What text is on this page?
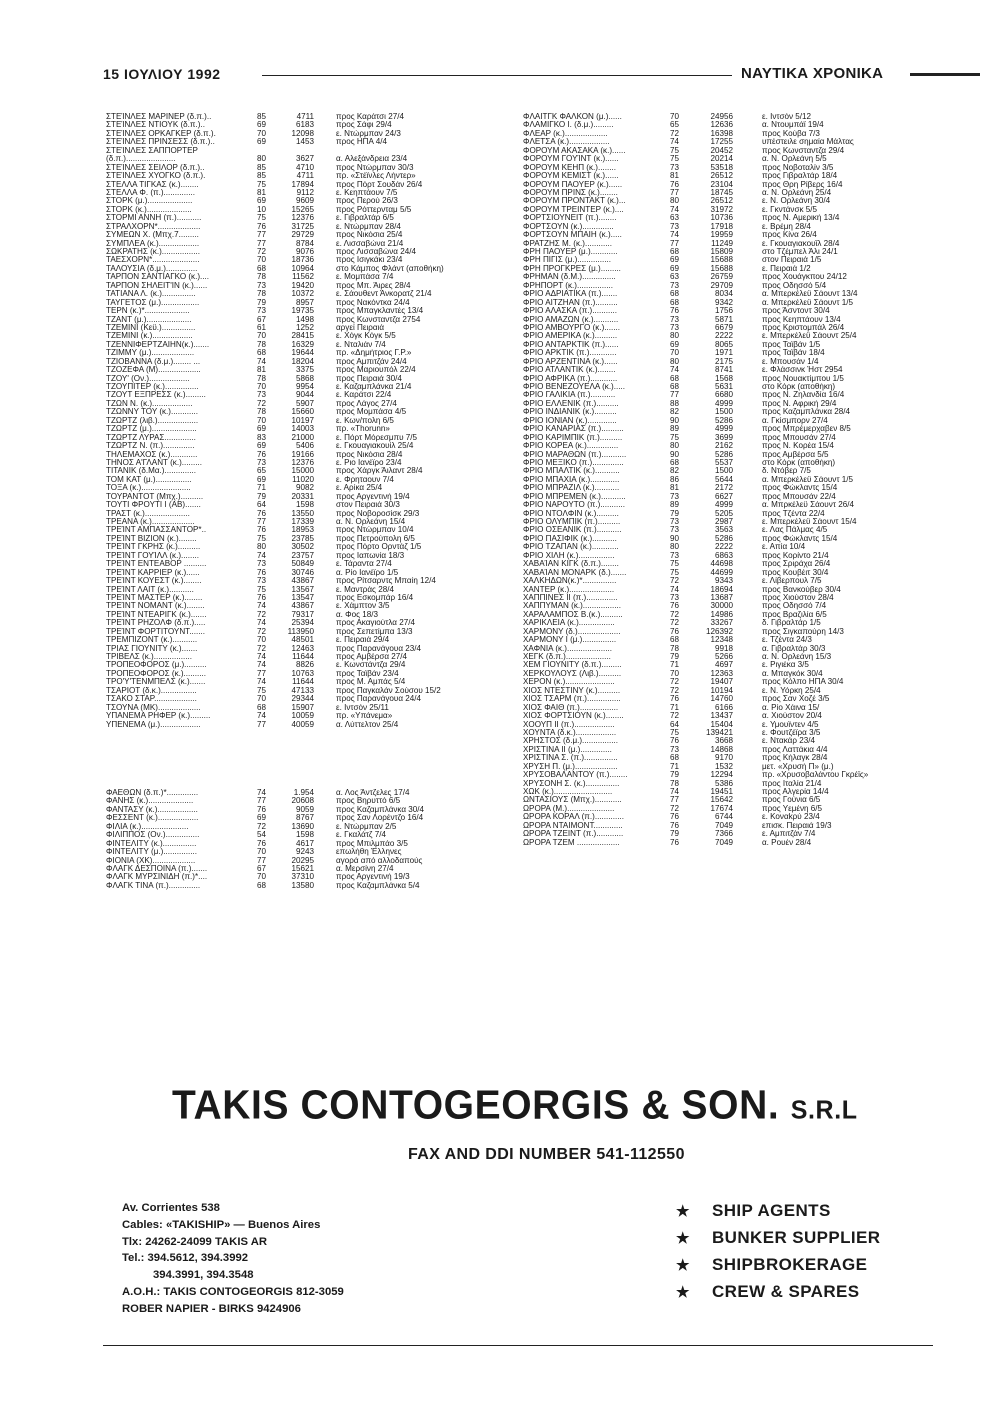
15 ΙΟΥΛΙΟΥ 1992	ΝΑΥΤΙΚΑ ΧΡΟΝΙΚΑ
ΣΤΕΊΝΛΕΣ ΜΑΡΙΝΕΡ (δ.π.)..	85	4711	προς Καράτσι 27/4
ΣΤΕΊΝΛΕΣ ΝΤΙΟΥΚ (δ.π.)..	69	6183	προς Σάφι 29/4
ΣΤΕΊΝΛΕΣ ΟΡΚΑΓΚΕΡ (δ.π.).	70	12098	ε. Ντώρμπαν 24/3
ΣΤΕΊΝΛΕΣ ΠΡΙΝΣΕΣΣ (δ.π.)..	69	1453	προς ΗΠΑ 4/4
ΣΤΕΊΝΛΕΣ ΣΑΠΠΟΡΤΕΡ
(δ.π.)......................	80	3627	α. Αλεξάνδρεια 23/4
ΣΤΕΊΝΛΕΣ ΣΕΪΛΟΡ (δ.π.)..	85	4710	προς Ντώρμπαν 30/3
ΣΤΕΊΝΛΕΣ ΧΥΟΓΚΟ (δ.π.).	85	4711	πρ. «Στέϊνλες Λήντερ»
ΣΤΕΛΛΑ ΤΙΓΚΑΣ (κ.)........	75	17894	προς Πόρτ Σουδάν 26/4
ΣΤΕΛΛΑ Φ. (π.)..............	81	9112	ε. Κεηπτάουν 7/5
ΣΤΟΡΚ (μ.)....................	69	9609	προς Περού 26/3
ΣΤΟΡΚ (κ.)....................	10	15265	προς Ρόττερνταμ 5/5
ΣΤΟΡΜΙ ΑΝΝΗ (π.)...........	75	12376	ε. Γιβραλτάρ 6/5
ΣΤΡΑΛΧΟΡΝ*...................	76	31725	ε. Ντώρμπαν 28/4
ΣΥΜΕΩΝ Χ. (Μπχ.7.........	77	29729	προς Νικόσια 25/4
ΣΥΜΠΛΕΑ (κ.)..................	77	8784	ε. Λισσαβώνα 21/4
ΣΩΚΡΑΤΗΣ (κ.).................	72	9076	προς Λισσαβώνα 24/4
ΤΑΕΣΧΟΡΝ*.....................	70	18736	προς Ισιγκάκι 23/4
ΤΑΛΟΥΣΙΑ (δ.μ.)..............	68	10964	στο Κάμπος Φλάντ (αποθήκη)
ΤΑΡΠΟΝ ΣΑΝΤΙΑΓΚΟ (κ.)....	78	11562	ε. Μομπάσα 7/4
ΤΑΡΠΟΝ ΣΗΛΕΪΤ'ΙΝ (κ.)......	73	19420	προς Μπ. Άιρες 28/4
ΤΑΤΙΑΝΑ Λ. (κ.)...............	78	10372	ε. Σάουθεντ Άνκορατζ 21/4
ΤΑΫΓΕΤΟΣ (μ.).................	79	8957	προς Νακόντκα 24/4
ΤΕΡΝ (κ.)*....................	73	19735	προς Μπαγκλαντές 13/4
ΤΖΑΝΤ (μ.)....................	67	1498	προς Κωνσταντζα 2754
ΤΖΕΜΙΝΙ (Κεϋ.)...............	61	1252	αργεί Πειραιά
ΤΖΕΜΙΝΙ (κ.)..................	70	28415	ε. Χόγκ Κόγκ 5/5
ΤΖΕΝΝΙΦΕΡΤΖΑΙΗΝ(κ.).......	78	16329	ε. Νταλιάν 7/4
ΤΖΙΜΜΥ (μ.)...................	68	19644	πρ. «Δημήτριος Γ.Ρ.»
ΤΖΙΟΒΑΝΝΑ (δ.μ.)........ ...	74	18204	προς Αμπιτζάν 24/4
ΤΖΟΖΕΦΑ (Μ)...................	81	3375	προς Μαριουπόλ 22/4
ΤΖΟΥ' (Ον.)..................	78	5868	προς Πειραιά 30/4
ΤΖΟΥΠΙΤΕΡ (κ.)...............	70	9954	ε. Καζαμπλάνκα 21/4
ΤΖΟΥΤ ΕΞΠΡΕΣΣ (κ.).........	73	9044	ε. Καράτσι 22/4
ΤΖΩΝ Ν. (κ.)..................	72	5907	προς Λάγος 27/4
ΤΖΩΝΝΥ ΤΟΥ (κ.)............	78	15660	προς Μομπάσα 4/5
ΤΖΩΡΤΖ (λιβ.)..................	70	10197	ε. Κων/πολη 6/5
ΤΖΩΡΤΖ (μ.)....................	69	14003	πρ. «Thorunn»
ΤΖΩΡΤΖ ΛΥΡΑΣ..............	83	21000	ε. Πόρτ Μόρεσμπυ 7/5
ΤΖΩΡΤΖ Ν. (π.)..............	69	5406	ε. Γκουαγιακουίλ 25/4
ΤΗΛΕΜΑΧΟΣ (κ.)............	76	19166	προς Νικόσια 28/4
ΤΗΝΟΣ Α'ΓΛΑΝΤ (κ.).........	73	12376	ε. Ριο Ιανέϊρο 23/4
ΤΙΤΑΝΙΚ (δ.Μα.)..............	65	15000	προς Χάργκ Άιλαντ 28/4
ΤΟΜ ΚΑΤ (μ.)................	69	11020	ε. Φρηταουν 7/4
ΤΟΞΑ (κ.)......................	71	9082	ε. Αρίκα 25/4
ΤΟΥΡΑΝΤΟΤ (Μπχ.)..........	79	20331	προς Αργεντινή 19/4
ΤΟΥΤΙ ΦΡΟΥΤΙ Ι (ΑΒ).......	64	1598	στον Πειραιά 30/3
ΤΡΑΣΤ (κ.)....................	76	13550	προς Νοβοροσίσκ 29/3
ΤΡΕΑΝΑ (κ.)...................	77	17339	α. Ν. Ορλεάνη 15/4
ΤΡΕΊΝΤ ΑΜΠΑΣΣΑΝΤΟΡ*..	76	18953	προς Ντώρμπαν 10/4
ΤΡΕΊΝΤ ΒΙΖΙΟΝ (κ.)........	75	23785	προς Πετρούπολη 6/5
ΤΡΕΊΝΤ ΓΚΡΗΣ (κ.)..........	80	30502	προς Πόρτο Ορντάζ 1/5
ΤΡΕΊΝΤ ΓΟΥΊΛΛ (κ.)........	74	23757	προς Ιαπωνία 18/3
ΤΡΕΊΝΤ ΕΝΤΕΑΒΟΡ ..........	73	50849	ε. Τάραντα 27/4
ΤΡΕΊΝΤ ΚΑΡΡΙΕΡ (κ.)......	76	30746	α. Ρίο Ιανέϊρο 1/5
ΤΡΕΊΝΤ ΚΟΥΕΣΤ (κ.)........	73	43867	προς Ρίτσαρντς Μπαίη 12/4
ΤΡΕΊΝΤ ΛΑΪΤ (κ.)...........	75	13567	ε. Μαντράς 28/4
ΤΡΕΊΝΤ ΜΑΣΤΕΡ (κ.)........	76	13547	προς Εσκομπάρ 16/4
ΤΡΕΊΝΤ ΝΟΜΑΝΤ (κ.)........	74	43867	ε. Χάμπτον 3/5
ΤΡΕΊΝΤ ΝΤΕΑΡΙΓΚ (κ.).......	72	79317	α. Φος 18/3
ΤΡΕΊΝΤ ΡΗΖΟΛΦ (δ.π.).....	74	25394	προς Ακαγιούτλα 27/4
ΤΡΕΊΝΤ ΦΟΡΤΙΤΟΥΝΤ.......	72	113950	προς Σεπετίμπα 13/3
ΤΡΕΜΠΙΖΟΝΤ (κ.)...........	70	48501	ε. Πειραιά 29/4
ΤΡΙΑΣ ΓΙΟΥΝΙΤΥ (κ.).......	72	12463	προς Παρανάγουα 23/4
ΤΡΙΒΕΛΣ (κ.).................	74	11644	προς Αμβέρσα 27/4
ΤΡΟΠΕΟΦΟΡΟΣ (μ.)..........	74	8826	ε. Κωνστάντζα 29/4
ΤΡΟΠΕΟΦΟΡΟΣ (κ.)..........	77	10763	προς Ταϊβάν 23/4
ΤΡΟ'Υ'ΤΕΝΜΠΕΛΣ (κ.).......	74	11644	προς Μ. Αμπάς 5/4
ΤΣΑΡΙΟΤ (δ.κ.)................	75	47133	προς Παγκαλάν Σούσου 15/2
ΤΣΑΚΟ ΣΤΑΡ...................	70	29344	προς Παρανάγουα 24/4
ΤΣΟΥΝΑ (ΜΚ)...................	68	15907	ε. Ιντσόν 25/11
ΥΠΑΝΕΜΑ ΡΗΦΕΡ (κ.).........	74	10059	πρ. «Υπάνεμα»
ΥΠΕΝΕΜΑ (μ.)..................	77	40059	α. Λύττελτον 25/4
ΦΑΕΘΩΝ (δ.π.)*..............	74	1.954	α. Λος Άντζελες 17/4
ΦΑΝΗΣ (κ.)....................	77	20608	προς Βηρυττό 6/5
ΦΑΝΤΑΣΥ (κ.)..................	76	9059	προς Καζαμπλάνκα 30/4
ΦΕΣΣΕΝΤ (κ.)..................	69	8767	προς Σαν Λορέντζο 16/4
ΦΙΛΙΑ (κ.).....................	72	13690	ε. Ντώρμπαν 2/5
ΦΙΛΙΠΠΟΣ (Ον.)...............	54	1598	ε. Γκαλάτζ 7/4
ΦΙΝΤΕΛΙΤΥ (κ.)...............	76	4617	προς Μπιλμπάο 3/5
ΦΙΝΤΕΛΙΤΥ (μ.)...............	70	9243	επωλήθη Έλληνες
ΦΙΟΝΙΑ (ΧΚ)...................	77	20295	αγορά από αλλοδαπούς
ΦΛΑΓΚ ΔΕΣΠΟΙΝΑ (π.).......	67	15621	α. Μερσίνη 27/4
ΦΛΑΓΚ ΜΥΡΣΙΝΙΔΗ (π.)*....	70	37310	προς Αργεντινή 19/3
ΦΛΑΓΚ ΤΙΝΑ (π.)..............	68	13580	προς Καζαμπλάνκα 5/4
ΦΛΑΪΤΓΚ ΦΑΛΚΟΝ (μ.)......	70	24956	ε. Ιντσόν 5/12
ΦΛΑΜΙΓΚΟ Ι. (δ.μ.).........	65	12636	α. Ντουμπάϊ 19/4
ΦΛΕΑΡ (κ.)...................	72	16398	προς Κούβα 7/3
ΦΛΕΤΣΑ (κ.)..................	74	17255	υπέστειλε σημαία Μάλτας
ΦΟΡΟΥΜ ΑΚΑΣΑΚΑ (κ.)......	75	20452	προς Κωνσταντζα 29/4
ΦΟΡΟΥΜ ΓΟΥΊΝΤ (κ.)......	75	20214	α. Ν. Ορλεάνη 5/5
ΦΟΡΟΥΜ ΚΕΗΠ (κ.)........	73	53518	προς Νοβοταλίν 3/5
ΦΟΡΟΥΜ ΚΕΜΙΣΤ (κ.)......	81	26512	προς Γιβραλτάρ 18/4
ΦΟΡΟΥΜ ΠΑΟΥΕΡ (κ.)......	76	23104	προς Θρη Ρίβερς 16/4
ΦΟΡΟΥΜ ΠΡΙΝΣ (κ.)........	77	18745	α. Ν. Ορλεάνη 25/4
ΦΟΡΟΥΜ ΠΡΟΝΤΑΚΤ (κ.)...	80	26512	ε. Ν. Ορλεάνη 30/4
ΦΟΡΟΥΜ ΤΡΕΪΝΤΕΡ (κ.)....	74	31972	ε. Γκντάνσκ 5/5
ΦΟΡΤΣΙΟΥΝΕΪΤ (π.)........	63	10736	προς Ν. Αμερική 13/4
ΦΟΡΤΣΟΥΝ (κ.)..............	73	17918	ε. Βρέμη 28/4
ΦΟΡΤΣΟΥΝ ΜΠΑΙΗ (κ.).....	74	19959	προς Κίνα 26/4
ΦΡΑΤΖΗΣ Μ. (κ.)............	77	11249	ε. Γκουαγιακουΐλ 28/4
ΦΡΗ ΠΑΟΥΕΡ (μ.)............	68	15809	στο Τζέμπελ Άλι 24/1
ΦΡΗ ΠΙΓΙΣ (μ.)...............	69	15688	στον Πειραιά 1/5
ΦΡΗ ΠΡΟΓΚΡΕΣ (μ.).........	69	15688	ε. Πειραιά 1/2
ΦΡΗΜΑΝ (δ.Μ.)...............	63	26759	προς Χουάγκπου 24/12
ΦΡΗΠΟΡΤ (κ.)................	73	29709	προς Οδησσό 5/4
ΦΡΙΟ ΑΔΡΙΑΤΙΚΑ (π.).......	68	8034	α. Μπερκέλεϋ Σάουντ 13/4
ΦΡΙΟ ΑΙΤΖΗΑΝ (π.)..........	68	9342	α. Μπερκέλεϋ Σάουντ 1/5
ΦΡΙΟ ΑΛΑΣΚΑ (π.)...........	76	1756	προς Άσντοντ 30/4
ΦΡΙΟ ΑΜΑΖΩΝ (κ.)...........	73	5871	προς Κεηπτάουν 13/4
ΦΡΙΟ ΑΜΒΟΥΡΓΟ (κ.).......	73	6679	προς Κριστομπάλ 26/4
ΦΡΙΟ ΑΜΕΡΙΚΑ (κ.)..........	80	2222	ε. Μπερκέλεϋ Σάουντ 25/4
ΦΡΙΟ ΑΝΤΑΡΚΤΙΚ (π.)......	69	8065	προς Ταϊβάν 1/5
ΦΡΙΟ ΑΡΚΤΙΚ (π.)............	70	1971	προς Ταϊβάν 18/4
ΦΡΙΟ ΑΡΖΕΝΤΙΝΑ (κ.)......	80	2175	ε. Μπουσάν 1/4
ΦΡΙΟ ΑΤΛΑΝΤΙΚ (κ.)........	74	8741	ε. Φλάσσινκ Ήστ 2954
ΦΡΙΟ ΑΦΡΙΚΑ (π.)............	68	1568	προς Νουακτίμπου 1/5
ΦΡΙΟ ΒΕΝΕΖΟΥΕΛΑ (κ.).....	68	5631	στο Κόρκ (αποθήκη)
ΦΡΙΟ ΓΑΛΙΚΙΑ (π.)...........	77	6680	προς Ν. Ζηλανδία 16/4
ΦΡΙΟ ΕΛΛΕΝΙΚ (π.)..........	88	4999	προς Ν. Αφρική 29/4
ΦΡΙΟ ΙΝΔΙΑΝΙΚ (κ.)..........	82	1500	προς Καζαμπλάνκα 28/4
ΦΡΙΟ ΙΟΝΙΑΝ (κ.).............	90	5286	α. Γκίσμπορν 27/4
ΦΡΙΟ ΚΑΝΑΡΙΑΣ (π.)..........	89	4999	προς Μπρέμερχαβεν 8/5
ΦΡΙΟ ΚΑΡΙΜΠΙΚ (π.)..........	75	3699	προς Μπουσάν 27/4
ΦΡΙΟ ΚΟΡΕΑ (κ.)..............	80	2162	προς Ν. Κορέα 15/4
ΦΡΙΟ ΜΑΡΑΘΩΝ (π.)...........	90	5286	προς Αμβέρσα 5/5
ΦΡΙΟ ΜΕΞΙΚΟ (π.)..............	68	5537	στο Κόρκ (αποθήκη)
ΦΡΙΟ ΜΠΑΛΤΙΚ (κ.)...........	82	1500	δ. Ντόβερ 7/5
ΦΡΙΟ ΜΠΑΧΙΑ (κ.).............	86	5644	α. Μπερκέλεϋ Σάουντ 1/5
ΦΡΙΟ ΜΠΡΑΖΙΛ (κ.)...........	81	2172	προς Φώκλαντς 15/4
ΦΡΙΟ ΜΠΡΕΜΕΝ (κ.)...........	73	6627	προς Μπουσάν 22/4
ΦΡΙΟ ΝΑΡΟΥΤΟ (π.)...........	89	4999	α. Μπρκέλεϋ Σάουντ 26/4
ΦΡΙΟ ΝΤΟΛΦΙΝ (κ.)..........	79	5205	προς Τζέντα 22/4
ΦΡΙΟ ΟΛΥΜΠΙΚ (π.)..........	73	2987	ε. Μπερκέλεϋ Σάουντ 15/4
ΦΡΙΟ ΟΣΕΑΝΙΚ (π.)...........	73	3563	ε. Λας Πάλμας 4/5
ΦΡΙΟ ΠΑΣΙΦΙΚ (κ.)...........	90	5286	προς Φώκλαντς 15/4
ΦΡΙΟ ΤΖΑΠΑΝ (κ.)............	80	2222	ε. Απία 10/4
ΦΡΙΟ ΧΙΛΗ (κ.)................	73	6863	προς Κορίντο 21/4
ΧΑΒΑΊΑΝ ΚΙΓΚ (δ.π.)........	75	44698	προς Σριράχα 26/4
ΧΑΒΑΊΑΝ ΜΟΝΑΡΚ (δ.).......	75	44699	προς Κουβέιτ 30/4
ΧΑΛΚΗΔΩΝ(κ.)*...............	72	9343	ε. Λίβερπουλ 7/5
ΧΑΝΤΕΡ (κ.)....................	74	18694	προς Βανκούβερ 30/4
ΧΑΠΠΙΝΕΣ ΙΙ (π.)..............	73	13687	προς Χιούστον 28/4
ΧΑΠΠΥΜΑΝ (κ.).................	76	30000	προς Οδησσό 7/4
ΧΑΡΑΛΑΜΠΟΣ Β.(κ.)..........	72	14986	προς Βραζιλία 6/5
ΧΑΡΙΚΛΕΙΑ (κ.)................	72	33267	δ. Γιβραλτάρ 1/5
ΧΑΡΜΟΝΥ (δ.)...................	76	126392	προς Σιγκαπούρη 14/3
ΧΑΡΜΟΝΥ Ι (μ.)...............	68	12348	ε. Τζέντα 24/3
ΧΑΦΝΙΑ (κ.)....................	78	9918	α. Γιβραλτάρ 30/3
ΧΕΓΚ (δ.π.)....................	79	5266	α. Ν. Ορλεάνη 15/3
ΧΕΜ ΓΙΟΥΝΙΤΥ (δ.π.).........	71	4697	ε. Ριγιέκα 3/5
ΧΕΡΚΟΥΛΟΥΣ (Λιβ.)..........	70	12363	α. Μπαγκόκ 30/4
ΧΕΡΟΝ (κ.)......................	72	19407	προς Κόλπο ΗΠΑ 30/4
ΧΙΟΣ ΝΤΕΣΤΙΝΥ (κ.)..........	72	10194	ε. Ν. Υόρκη 25/4
ΧΙΟΣ ΤΣΑΡΜ (π.)...............	76	14760	προς Σαν Χοζέ 3/5
ΧΙΟΣ ΦΑΙΘ (π.).................	71	6166	α. Ρίο Χάινα 15/
ΧΙΟΣ ΦΟΡΤΣΙΟΥΝ (κ.)........	72	13437	α. Χιούστον 20/4
ΧΟΟΥΠ ΙΙ (π.)..................	64	15404	ε. Υμουϊντεν 4/5
ΧΟΥΝΤΑ (δ.κ.)..................	75	139421	ε. Φουτζέϊρα 3/5
ΧΡΗΣΤΟΣ (δ.μ.)................	76	3668	ε. Ντακάρ 23/4
ΧΡΙΣΤΙΝΑ ΙΙ (μ.)..............	73	14868	προς Λαττάκια 4/4
ΧΡΙΣΤΙΝΑ Σ. (π.)...............	68	9170	προς Κήλαγκ 28/4
ΧΡΥΣΗ Π. (μ.)...................	71	1532	μετ. «Χρυσή Π» (μ.)
ΧΡΥΣΟΒΑΛΑΝΤΟΥ (π.)........	79	12294	πρ. «Χρυσοβαλάντου Γκρέϊς»
ΧΡΥΣΟΝΗ Σ. (κ.)...............	78	5386	προς Ιταλία 21/4
ΧΩΚ (κ.)..........................	74	19451	προς Αλγερία 14/4
ΩΝΤΑΣΙΟΥΣ (Μπχ.)............	77	15642	προς Γούνια 6/5
ΩΡΟΡΑ (Μ.).....................	72	17674	προς Υεμένη 6/5
ΩΡΟΡΑ ΚΟΡΑΛ (π.).............	76	6744	ε. Κοναkρύ 23/4
ΩΡΟΡΑ ΝΤΑΪΜΟΝΤ.............	76	7049	επισκ. Πειραιά 19/3
ΩΡΟΡΑ ΤΖΕΪΝΤ (π.)............	79	7366	ε. Αμπιτζάν 7/4
ΩΡΟΡΑ ΤΖΕΜ ...................	76	7049	α. Ρουέν 28/4
TAKIS CONTOGEORGIS & SON. S.R.L
FAX AND DDI NUMBER 541-112550
Av. Corrientes 538
Cables: «TAKISHIP» — Buenos Aires
Tlx: 24262-24099 TAKIS AR
Tel.: 394.5612, 394.3992
394.3991, 394.3548
A.O.H.: TAKIS CONTOGEORGIS 812-3059
ROBER NAPIER - BIRKS 9424906
★ SHIP AGENTS
★ BUNKER SUPPLIER
★ SHIPBROKERAGE
★ CREW & SPARES
